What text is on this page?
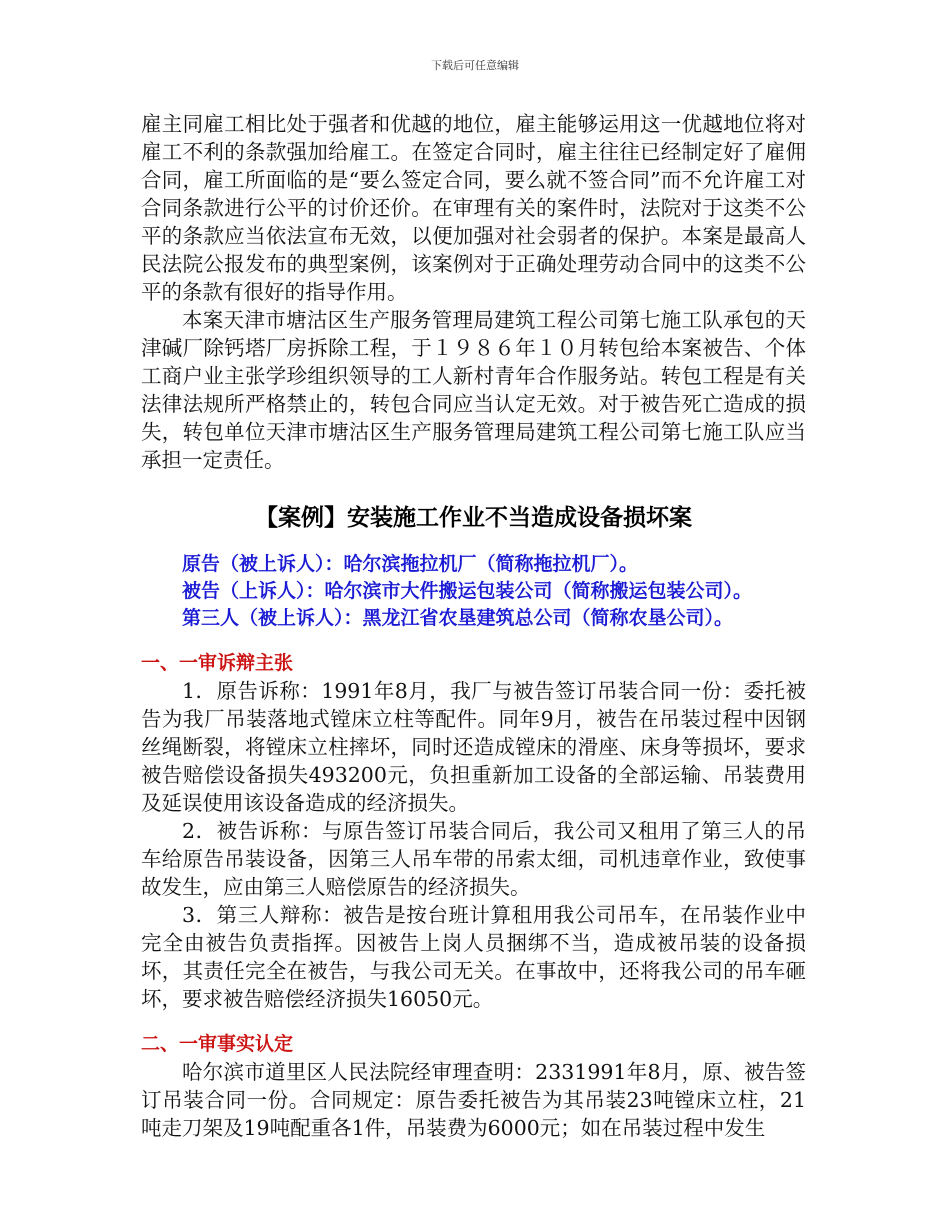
下载后可任意编辑

雇主同雇工相比处于强者和优越的地位，雇主能够运用这一优越地位将对雇工不利的条款强加给雇工。在签定合同时，雇主往往已经制定好了雇佣合同，雇工所面临的是“要么签定合同，要么就不签合同”而不允许雇工对合同条款进行公平的讨价还价。在审理有关的案件时，法院对于这类不公平的条款应当依法宣布无效，以便加强对社会弱者的保护。本案是最高人民法院公报发布的典型案例，该案例对于正确处理劳动合同中的这类不公平的条款有很好的指导作用。

本案天津市塘沽区生产服务管理局建筑工程公司第七施工队承包的天津碱厂除钙塔厂房拆除工程，于１９８６年１０月转包给本案被告、个体工商户业主张学珍组织领导的工人新村青年合作服务站。转包工程是有关法律法规所严格禁止的，转包合同应当认定无效。对于被告死亡造成的损失，转包单位天津市塘沽区生产服务管理局建筑工程公司第七施工队应当承担一定责任。

【案例】安装施工作业不当造成设备损坏案

原告（被上诉人）：哈尔滨拖拉机厂（简称拖拉机厂）。

被告（上诉人）：哈尔滨市大件搬运包装公司（简称搬运包装公司）。

第三人（被上诉人）：黑龙江省农垦建筑总公司（简称农垦公司）。

一、一审诉辩主张

1．原告诉称：1991年8月，我厂与被告签订吊装合同一份：委托被告为我厂吊装落地式镗床立柱等配件。同年9月，被告在吊装过程中因钢丝绳断裂，将镗床立柱摔坏，同时还造成镗床的滑座、床身等损坏，要求被告赔偿设备损失493200元，负担重新加工设备的全部运输、吊装费用及延误使用该设备造成的经济损失。

2．被告诉称：与原告签订吊装合同后，我公司又租用了第三人的吊车给原告吊装设备，因第三人吊车带的吊索太细，司机违章作业，致使事故发生，应由第三人赔偿原告的经济损失。

3．第三人辩称：被告是按台班计算租用我公司吊车，在吊装作业中完全由被告负责指挥。因被告上岗人员捆绑不当，造成被吊装的设备损坏，其责任完全在被告，与我公司无关。在事故中，还将我公司的吊车砸坏，要求被告赔偿经济损失16050元。

二、一审事实认定

哈尔滨市道里区人民法院经审理查明：2331991年8月，原、被告签订吊装合同一份。合同规定：原告委托被告为其吊装23吨镗床立柱，21吨走刀架及19吨配重各1件，吊装费为6000元；如在吊装过程中发生
